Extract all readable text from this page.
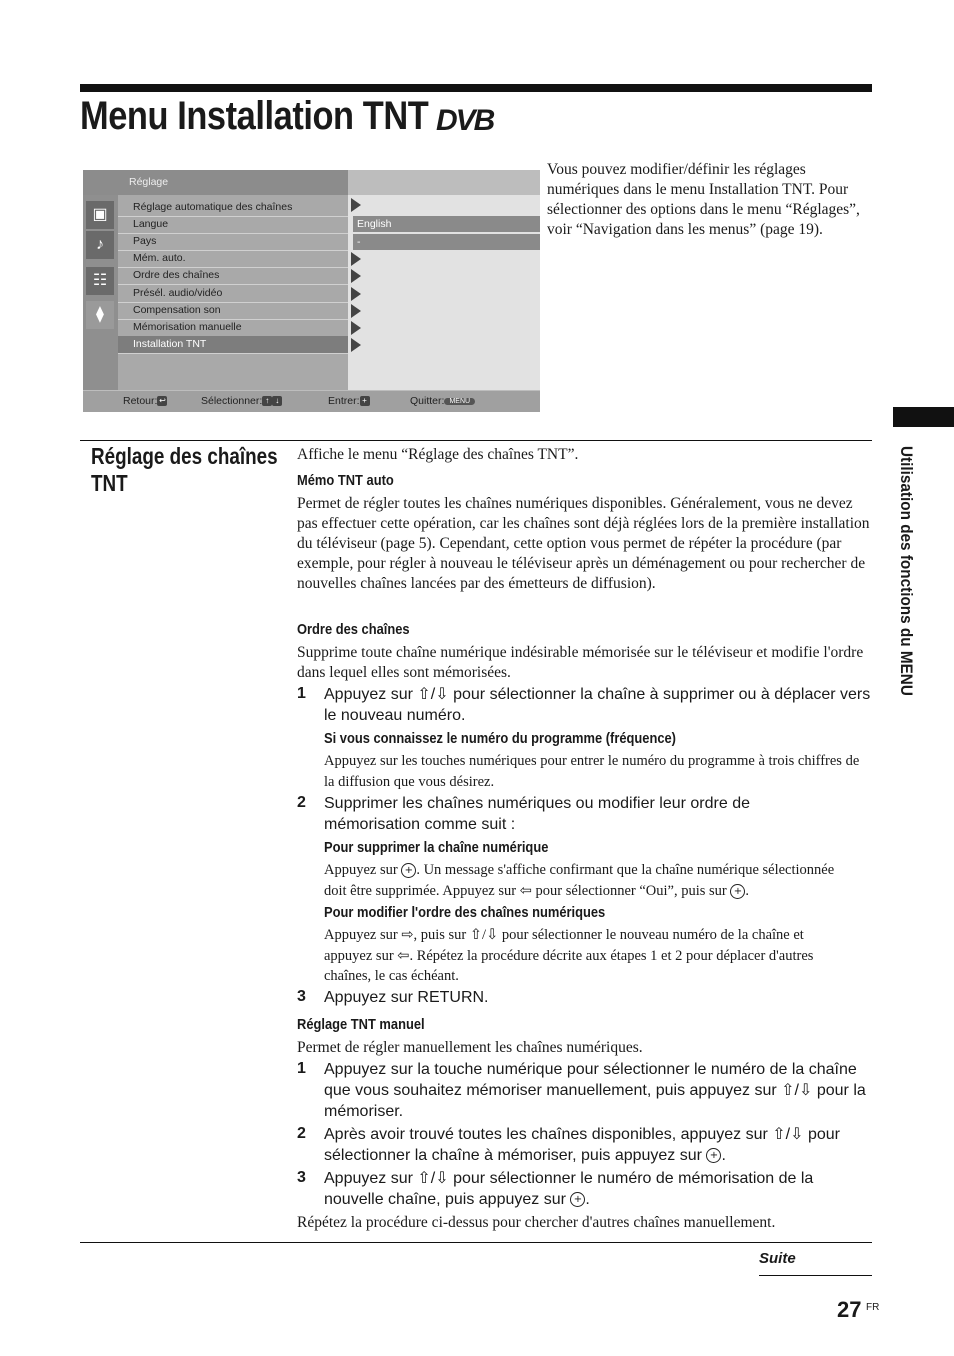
Menu Installation TNT DVB
Réglage
▣
♪
☷
⧫
Réglage automatique des chaînes
Langue
Pays
Mém. auto.
Ordre des chaînes
Présél. audio/vidéo
Compensation son
Mémorisation manuelle
Installation TNT
English
-
Retour: ↩	Sélectionner: ↑ ↓	Entrer: +	Quitter: MENU
Vous pouvez modifier/définir les réglages numériques dans le menu Installation TNT. Pour sélectionner des options dans le menu “Réglages”, voir “Navigation dans les menus” (page 19).
Utilisation des fonctions du MENU
Réglage des chaînes TNT
Affiche le menu “Réglage des chaînes TNT”.
Mémo TNT auto
Permet de régler toutes les chaînes numériques disponibles. Généralement, vous ne devez pas effectuer cette opération, car les chaînes sont déjà réglées lors de la première installation du téléviseur (page 5). Cependant, cette option vous permet de répéter la procédure (par exemple, pour régler à nouveau le téléviseur après un déménagement ou pour rechercher de nouvelles chaînes lancées par des émetteurs de diffusion).
Ordre des chaînes
Supprime toute chaîne numérique indésirable mémorisée sur le téléviseur et modifie l'ordre dans lequel elles sont mémorisées.
1 Appuyez sur ⇧/⇩ pour sélectionner la chaîne à supprimer ou à déplacer vers le nouveau numéro.
Si vous connaissez le numéro du programme (fréquence)
Appuyez sur les touches numériques pour entrer le numéro du programme à trois chiffres de la diffusion que vous désirez.
2 Supprimer les chaînes numériques ou modifier leur ordre de mémorisation comme suit :
Pour supprimer la chaîne numérique
Appuyez sur + . Un message s'affiche confirmant que la chaîne numérique sélectionnée
doit être supprimée. Appuyez sur ⇦ pour sélectionner “Oui”, puis sur + .
Pour modifier l'ordre des chaînes numériques
Appuyez sur ⇨, puis sur ⇧/⇩ pour sélectionner le nouveau numéro de la chaîne et
appuyez sur ⇦. Répétez la procédure décrite aux étapes 1 et 2 pour déplacer d'autres
chaînes, le cas échéant.
3 Appuyez sur RETURN.
Réglage TNT manuel
Permet de régler manuellement les chaînes numériques.
1 Appuyez sur la touche numérique pour sélectionner le numéro de la chaîne que vous souhaitez mémoriser manuellement, puis appuyez sur ⇧/⇩ pour la mémoriser.
2 Après avoir trouvé toutes les chaînes disponibles, appuyez sur ⇧/⇩ pour sélectionner la chaîne à mémoriser, puis appuyez sur + .
3 Appuyez sur ⇧/⇩ pour sélectionner le numéro de mémorisation de la nouvelle chaîne, puis appuyez sur + .
Répétez la procédure ci-dessus pour chercher d'autres chaînes manuellement.
Suite
27 FR
